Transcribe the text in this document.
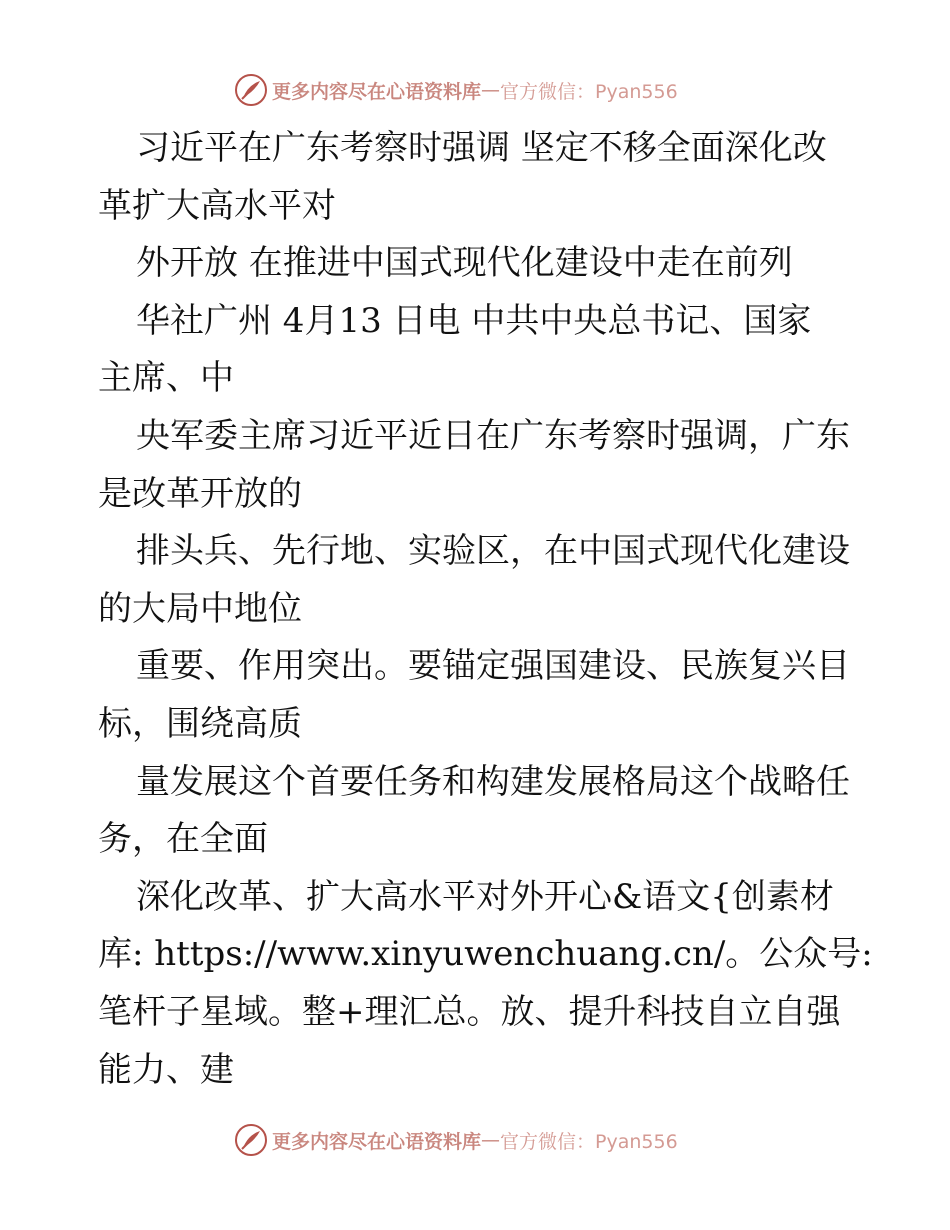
更多内容尽在心语资料库 — 官方微信：Pyan556
习近平在广东考察时强调 坚定不移全面深化改
革扩大高水平对
外开放 在推进中国式现代化建设中走在前列
华社广州 4月13 日电 中共中央总书记、国家
主席、中
央军委主席习近平近日在广东考察时强调，广东
是改革开放的
排头兵、先行地、实验区，在中国式现代化建设
的大局中地位
重要、作用突出。要锚定强国建设、民族复兴目
标，围绕高质
量发展这个首要任务和构建发展格局这个战略任
务，在全面
深化改革、扩大高水平对外开心&语文{创素材
库: https://www.xinyuwenchuang.cn/。公众号:
笔杆子星域。整+理汇总。放、提升科技自立自强
能力、建
更多内容尽在心语资料库 — 官方微信：Pyan556
